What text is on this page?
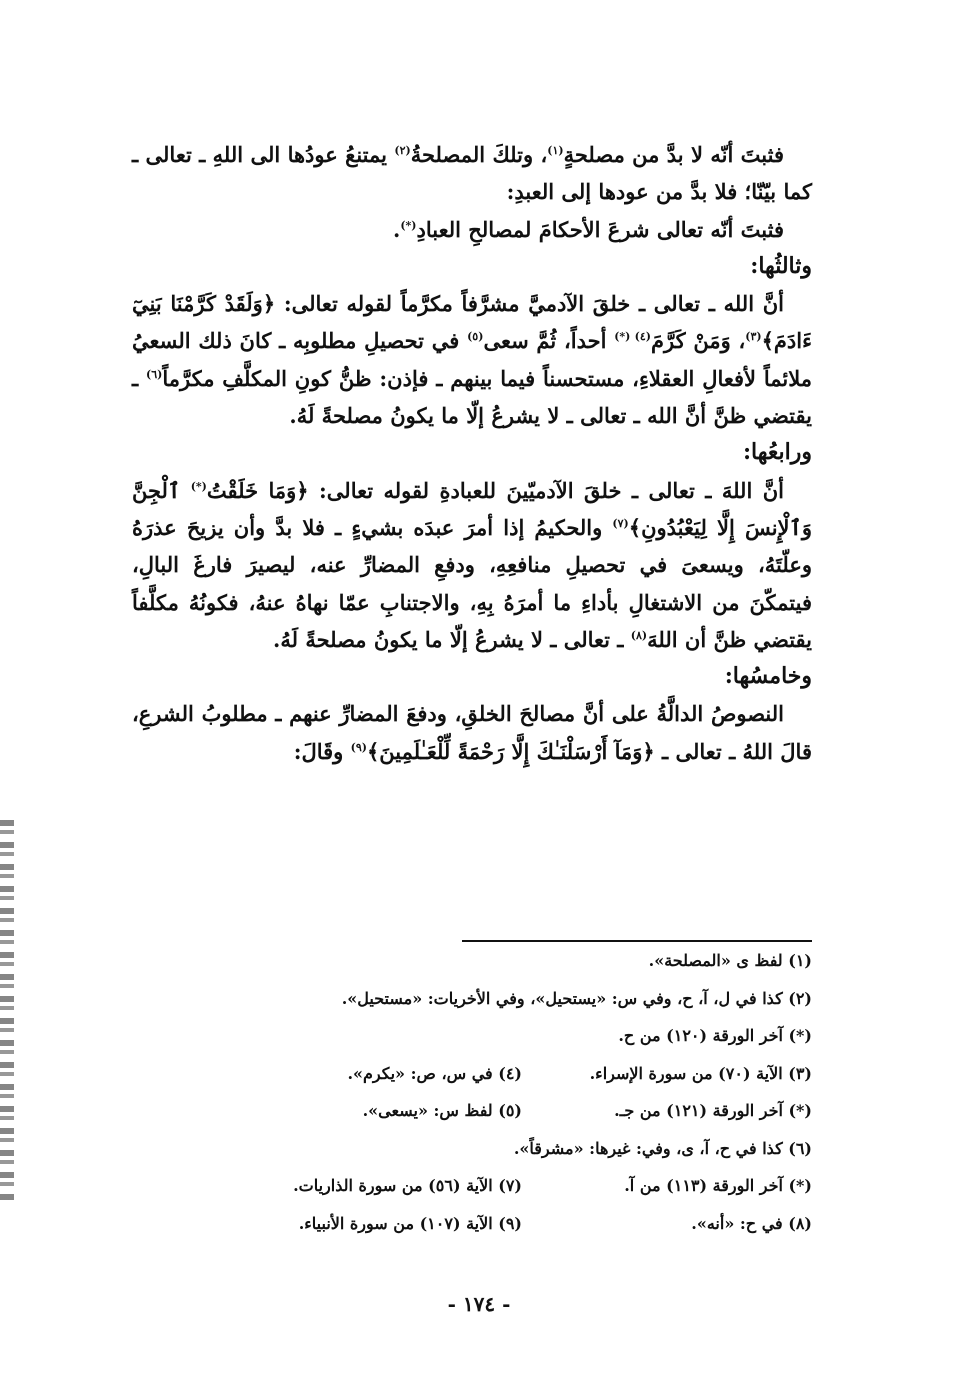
فثبتَ أنّه لا بدَّ من مصلحةٍ$^{(١)}$، وتلكَ المصلحةُ$^{(٢)}$ يمتنعُ عودُها الى اللهِ ـ تعالى ـ كما بيّنّا؛ فلا بدَّ من عودها إلى العبدِ:

فثبتَ أنّه تعالى شرعَ الأحكامَ لمصالحِ العبادِ(*).

وثالثُها:

أنَّ الله ـ تعالى ـ خلقَ الآدميَّ مشرَّفاً مكرَّماً لقوله تعالى: ﴿وَلَقَدْ كَرَّمْنَا بَنِيٓ ءَادَمَ﴾$^{(٣)}$، وَمَنْ كَرَّمَ$^{(٤)}$ (*) أحداً، ثُمَّ سعى$^{(٥)}$ في تحصيلِ مطلوبِه ـ كانَ ذلك السعيُ ملائماً لأفعالِ العقلاءِ، مستحسناً فيما بينهم ـ فإذن: ظنُّ كونِ المكلَّفِ مكرَّماً$^{(٦)}$ ـ يقتضي ظنَّ أنَّ الله ـ تعالى ـ لا يشرعُ إلّا ما يكونُ مصلحةً لَهُ.

ورابعُها:

أنَّ اللهَ ـ تعالى ـ خلقَ الآدميّينَ للعبادةِ لقوله تعالى: ﴿وَمَا خَلَقْتُ(*) ٱلْجِنَّ وَٱلْإِنسَ إِلَّا لِيَعْبُدُونِ﴾$^{(٧)}$ والحكيمُ إذا أمرَ عبدَه بشيءٍ ـ فلا بدَّ وأن يزيحَ عذرَهُ وعلّتَهُ، ويسعىَ في تحصيلِ منافعِهِ، ودفعِ المضارِّ عنه، ليصيرَ فارغَ البالِ، فيتمكّنَ من الاشتغالِ بأداءِ ما أمرَهُ بِهِ، والاجتنابِ عمّا نهاهُ عنهُ، فكونُهُ مكلَّفاً يقتضي ظنَّ أن اللهَ$^{(٨)}$ ـ تعالى ـ لا يشرعُ إلّا ما يكونُ مصلحةً لَهُ.

وخامسُها:

النصوصُ الدالَّةُ على أنَّ مصالحَ الخلقِ، ودفعَ المضارِّ عنهم ـ مطلوبُ الشرعِ، قالَ اللهُ ـ تعالى ـ ﴿وَمَآ أَرْسَلْنَـٰكَ إِلَّا رَحْمَةً لِّلْعَـٰلَمِينَ﴾$^{(٩)}$ وقَالَ:

(١) لفظ ى «المصلحة».
(٢) كذا في ل، آ، ح، وفي س: «يستحيل»، وفي الأخريات: «مستحيل».
(*) آخر الورقة (١٢٠) من ح.
(٣) الآية (٧٠) من سورة الإسراء.
(٤) في س، ص: «يكرم».
(*) آخر الورقة (١٢١) من جـ.
(٥) لفظ س: «يسعى».
(٦) كذا في ح، آ، ى، وفي: غيرها: «مشرقاً».
(*) آخر الورقة (١١٣) من آ.
(٧) الآية (٥٦) من سورة الذاريات.
(٨) في ح: «أنه».
(٩) الآية (١٠٧) من سورة الأنبياء.
- ١٧٤ -
